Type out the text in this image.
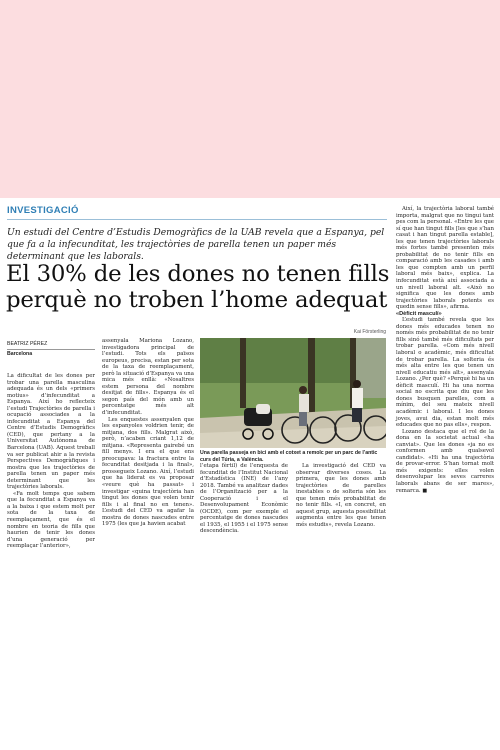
INVESTIGACIÓ
Un estudi del Centre d’Estudis Demogràfics de la UAB revela que a Espanya, pel que fa a la infecunditat, les trajectòries de parella tenen un paper més determinant que les laborals.
El 30% de les dones no tenen fills perquè no troben l’home adequat
Kai Försterling
Una parella passeja en bici amb el cotxet a remolc per un parc de l’antic curs del Túria, a València.
BEATRIZ PÉREZ
Barcelona

La dificultat de les dones per trobar una parella masculina adequada és un dels «primers motius» d’infecunditat a Espanya. Així ho reflecteix l’estudi Trajectòries de parella i ocupació associades a la infecunditat a Espanya del Centre d’Estudis Demogràfics (CED), que pertany a la Universitat Autònoma de Barcelona (UAB). Aquest treball va ser publicat ahir a la revista Perspectives Demogràfiques i mostra que les trajectòries de parella tenen un paper més determinant que les trajectòries laborals.

«Fa molt temps que sabem que la fecunditat a Espanya va a la baixa i que estem molt per sota de la taxa de reemplaçament, que és el nombre en teoria de fills que haurien de tenir les dones d’una generació per reemplaçar l’anterior»,

assenyala Mariona Lozano, investigadora principal de l’estudi. Tots els països europeus, precisa, estan per sota de la taxa de reemplaçament, però la situació d’Espanya va una mica més enllà: «Nosaltres estem persona del nombre desitjat de fills». Espanya és el segon país del món amb un percentatge més alt d’infecunditat.

Les enquestes assenyalen que les espanyoles voldrien tenir, de mitjana, dos fills. Malgrat això, però, n’acaben criant 1,12 de mitjana. «Representa gairebé un fill menys. I era el que ens preocupava: la fractura entre la fecunditat desitjada i la final», prossegueix Lozano. Així, l’estudi que ha liderat es va proposar «veure què ha passat» i investigar «quina trajectòria han tingut les dones que volen tenir fills i al final no en tenen». L’estudi del CED va agafar la mostra de dones nascudes entre 1975 (les que ja havien acabat

l’etapa fèrtil) de l’enquesta de fecunditat de l’Institut Nacional d’Estadística (INE) de l’any 2018. També va analitzar dades de l’Organització per a la Cooperació i el Desenvolupament Econòmic (OCDE), com per exemple el percentatge de dones nascudes el 1935, el 1955 i el 1975 sense descendència.

La investigació del CED va observar diverses coses. La primera, que les dones amb trajectòries de parelles inestables o de solteria són les que tenen més probabilitat de no tenir fills. «I, en concret, en aquest grup, aquesta possibilitat augmenta entre les que tenen més estudis», revela Lozano.

Així, la trajectòria laboral també importa, malgrat que no tingui tant pes com la personal. «Entre les que sí que han tingut fills [les que s’han casat i han tingut parella estable], les que tenen trajectòries laborals més fortes també presenten més probabilitat de no tenir fills en comparació amb les casades i amb les que compten amb un perfil laboral més baix», explica. La infecunditat està així associada a un nivell laboral alt. «Això no significa que les dones amb trajectòries laborals potents es quedin sense fills», afirma.

«Dèficit masculí»

L’estudi també revela que les dones més educades tenen no només més probabilitat de no tenir fills sinó també més dificultats per trobar parella. «Com més nivell laboral o acadèmic, més dificultat de trobar parella. La solteria és més alta entre les que tenen un nivell educatiu més alt», assenyala Lozano. ¿Per què? «Perquè hi ha un dèficit masculí. Hi ha una norma social no escrita que diu que les dones busquen parelles, com a mínim, del seu mateix nivell acadèmic i laboral. I les dones joves, avui dia, estan molt més educades que no pas ells», respon.

Lozano destaca que el rol de la dona en la societat actual «ha canviat». Que les dones «ja no es conformen amb qualsevol candidat». «Hi ha una trajectòria de provar-error. S’han tornat molt més exigents: elles volen desenvolupar les seves carreres laborals abans de ser mares», remarca. ■
